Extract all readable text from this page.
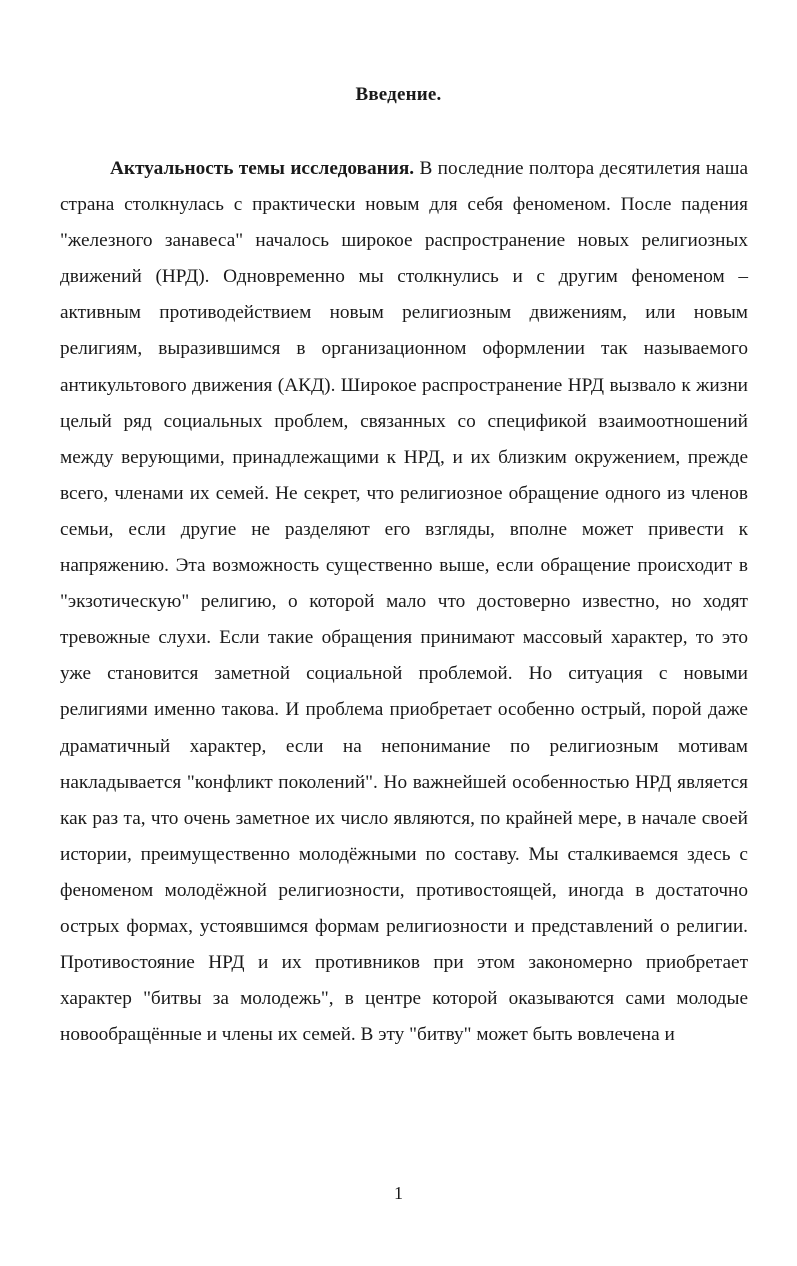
Введение.

Актуальность темы исследования. В последние полтора десятилетия наша страна столкнулась с практически новым для себя феноменом. После падения "железного занавеса" началось широкое распространение новых религиозных движений (НРД). Одновременно мы столкнулись и с другим феноменом – активным противодействием новым религиозным движениям, или новым религиям, выразившимся в организационном оформлении так называемого антикультового движения (АКД). Широкое распространение НРД вызвало к жизни целый ряд социальных проблем, связанных со спецификой взаимоотношений между верующими, принадлежащими к НРД, и их близким окружением, прежде всего, членами их семей. Не секрет, что религиозное обращение одного из членов семьи, если другие не разделяют его взгляды, вполне может привести к напряжению. Эта возможность существенно выше, если обращение происходит в "экзотическую" религию, о которой мало что достоверно известно, но ходят тревожные слухи. Если такие обращения принимают массовый характер, то это уже становится заметной социальной проблемой. Но ситуация с новыми религиями именно такова. И проблема приобретает особенно острый, порой даже драматичный характер, если на непонимание по религиозным мотивам накладывается "конфликт поколений". Но важнейшей особенностью НРД является как раз та, что очень заметное их число являются, по крайней мере, в начале своей истории, преимущественно молодёжными по составу. Мы сталкиваемся здесь с феноменом молодёжной религиозности, противостоящей, иногда в достаточно острых формах, устоявшимся формам религиозности и представлений о религии. Противостояние НРД и их противников при этом закономерно приобретает характер "битвы за молодежь", в центре которой оказываются сами молодые новообращённые и члены их семей. В эту "битву" может быть вовлечена и

1
